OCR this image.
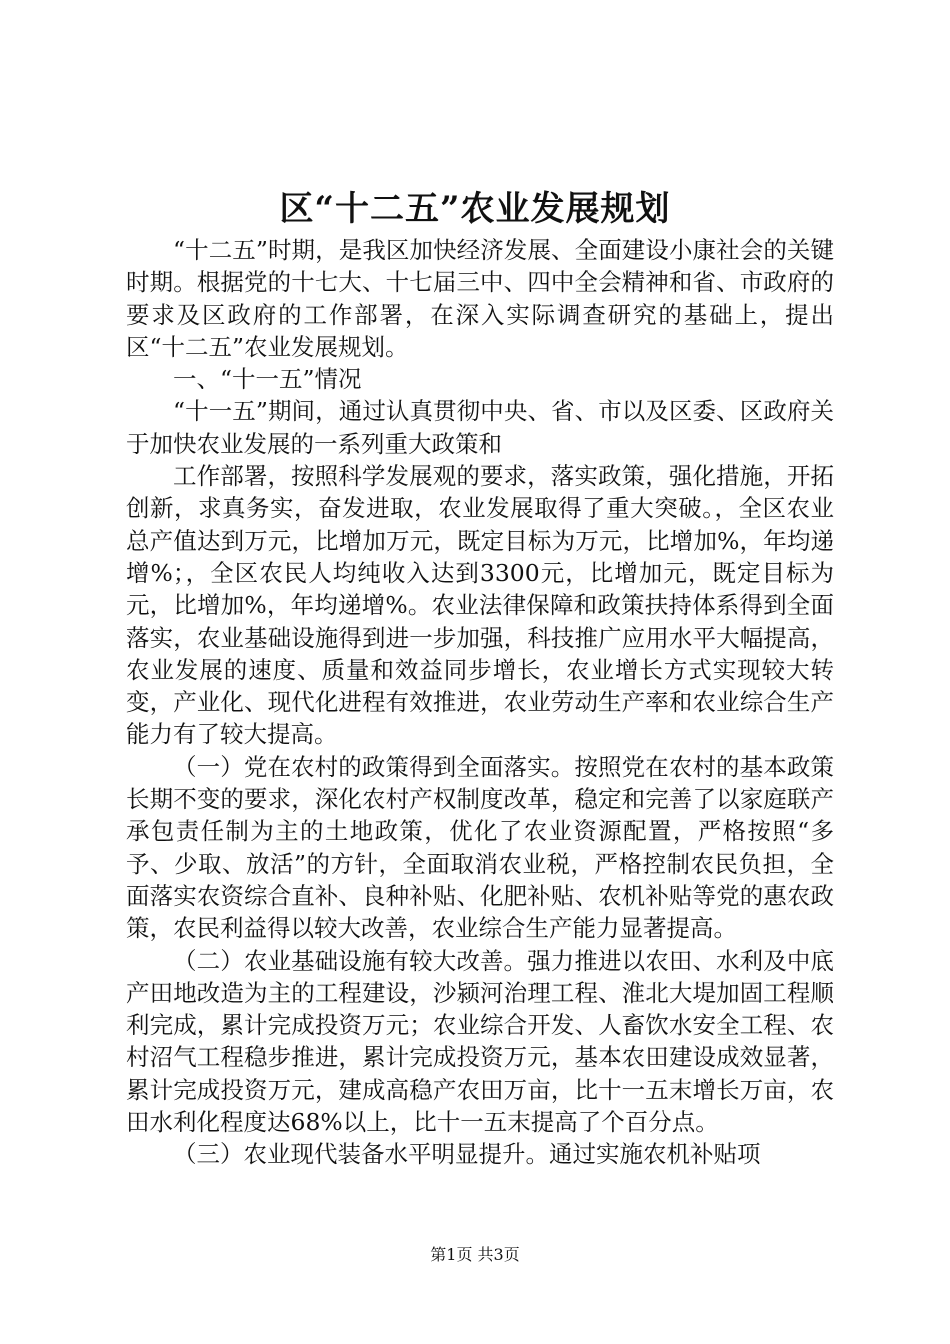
区“十二五”农业发展规划

“十二五”时期，是我区加快经济发展、全面建设小康社会的关键时期。根据党的十七大、十七届三中、四中全会精神和省、市政府的要求及区政府的工作部署，在深入实际调查研究的基础上，提出区“十二五”农业发展规划。

一、“十一五”情况

“十一五”期间，通过认真贯彻中央、省、市以及区委、区政府关于加快农业发展的一系列重大政策和

工作部署，按照科学发展观的要求，落实政策，强化措施，开拓创新，求真务实，奋发进取，农业发展取得了重大突破。，全区农业总产值达到万元，比增加万元，既定目标为万元，比增加%，年均递增%；，全区农民人均纯收入达到3300元，比增加元，既定目标为元，比增加%，年均递增%。农业法律保障和政策扶持体系得到全面落实，农业基础设施得到进一步加强，科技推广应用水平大幅提高，农业发展的速度、质量和效益同步增长，农业增长方式实现较大转变，产业化、现代化进程有效推进，农业劳动生产率和农业综合生产能力有了较大提高。

（一）党在农村的政策得到全面落实。按照党在农村的基本政策长期不变的要求，深化农村产权制度改革，稳定和完善了以家庭联产承包责任制为主的土地政策，优化了农业资源配置，严格按照“多予、少取、放活”的方针，全面取消农业税，严格控制农民负担，全面落实农资综合直补、良种补贴、化肥补贴、农机补贴等党的惠农政策，农民利益得以较大改善，农业综合生产能力显著提高。

（二）农业基础设施有较大改善。强力推进以农田、水利及中底产田地改造为主的工程建设，沙颍河治理工程、淮北大堤加固工程顺利完成，累计完成投资万元；农业综合开发、人畜饮水安全工程、农村沼气工程稳步推进，累计完成投资万元，基本农田建设成效显著，累计完成投资万元，建成高稳产农田万亩，比十一五末增长万亩，农田水利化程度达68%以上，比十一五末提高了个百分点。

（三）农业现代装备水平明显提升。通过实施农机补贴项

第1页 共3页
